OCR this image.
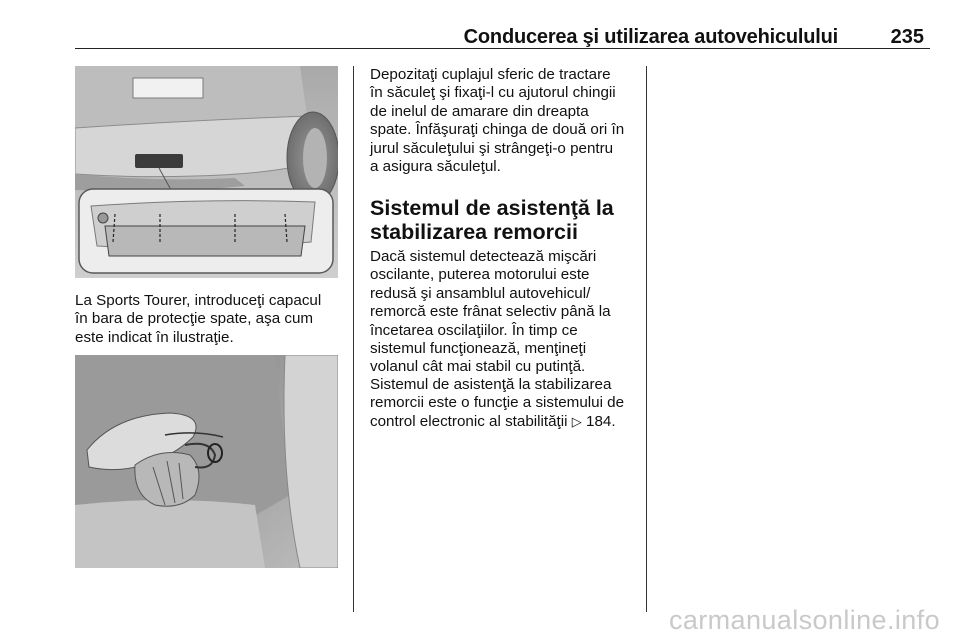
Conducerea şi utilizarea autovehiculului	235

La Sports Tourer, introduceţi capacul
în bara de protecţie spate, aşa cum
este indicat în ilustraţie.

Depozitaţi cuplajul sferic de tractare
în săculeţ şi fixaţi-l cu ajutorul chingii
de inelul de amarare din dreapta
spate. Înfăşuraţi chinga de două ori în
jurul săculeţului şi strângeţi-o pentru
a asigura săculeţul.

Sistemul de asistenţă la
stabilizarea remorcii

Dacă sistemul detectează mişcări
oscilante, puterea motorului este
redusă şi ansamblul autovehicul/
remorcă este frânat selectiv până la
încetarea oscilaţiilor. În timp ce
sistemul funcţionează, menţineţi
volanul cât mai stabil cu putinţă.

Sistemul de asistenţă la stabilizarea
remorcii este o funcţie a sistemului de
control electronic al stabilităţii ▷ 184.

carmanualsonline.info
